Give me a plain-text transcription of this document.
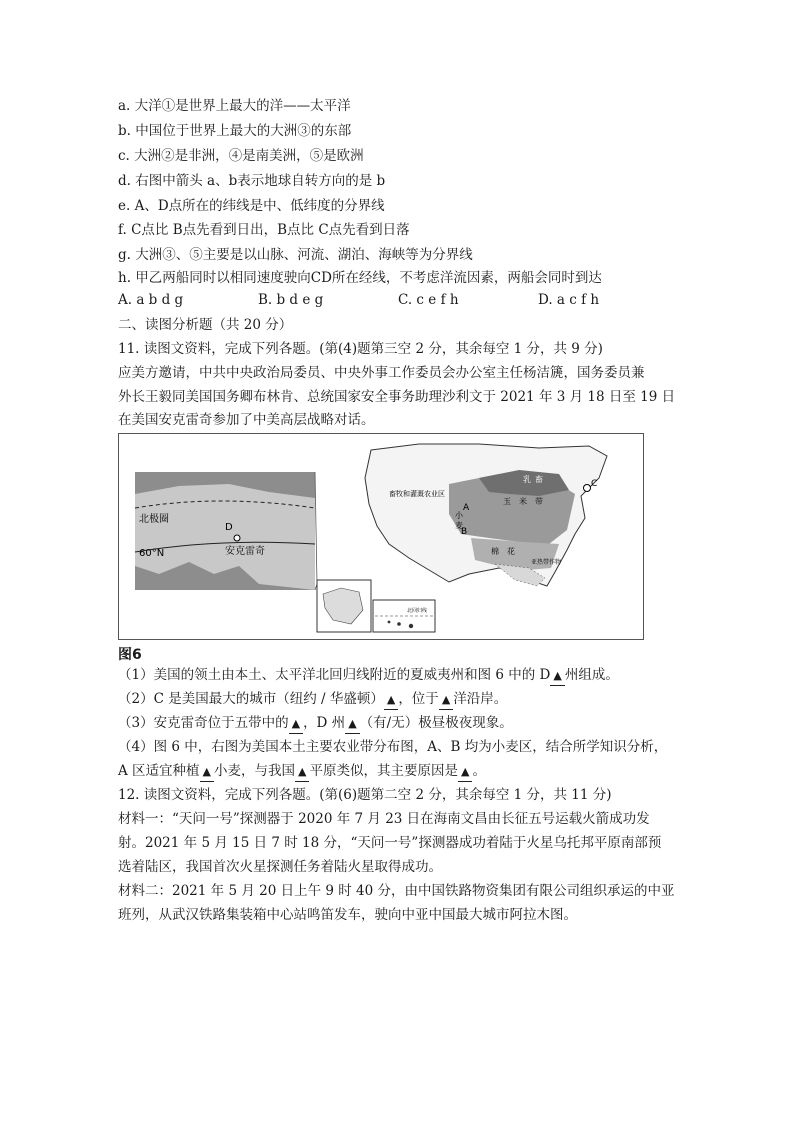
a. 大洋①是世界上最大的洋——太平洋
b. 中国位于世界上最大的大洲③的东部
c. 大洲②是非洲，④是南美洲，⑤是欧洲
d. 右图中箭头 a、b表示地球自转方向的是 b
e. A、D点所在的纬线是中、低纬度的分界线
f. C点比 B点先看到日出，B点比 C点先看到日落
g. 大洲③、⑤主要是以山脉、河流、湖泊、海峡等为分界线
h. 甲乙两船同时以相同速度驶向CD所在经线，不考虑洋流因素，两船会同时到达
A. a b d g	B. b d e g	C. c e f h	D. a c f h
二、读图分析题（共 20 分）
11. 读图文资料，完成下列各题。(第(4)题第三空 2 分，其余每空 1 分，共 9 分)
应美方邀请，中共中央政治局委员、中央外事工作委员会办公室主任杨洁篪，国务委员兼
外长王毅同美国国务卿布林肯、总统国家安全事务助理沙利文于 2021 年 3 月 18 日至 19 日
在美国安克雷奇参加了中美高层战略对话。
北极圈
D
安克雷奇
60°N
畜牧和灌溉农业区
C
A
B
小
麦
玉 米 带
乳 畜
棉 花
亚热带作物
北回归线
图6
（1）美国的领土由本土、太平洋北回归线附近的夏威夷州和图 6 中的 D ▲ 州组成。
（2）C 是美国最大的城市（纽约 / 华盛顿） ▲ ，位于 ▲ 洋沿岸。
（3）安克雷奇位于五带中的 ▲ ，D 州 ▲ （有/无）极昼极夜现象。
（4）图 6 中，右图为美国本土主要农业带分布图，A、B 均为小麦区，结合所学知识分析，
A 区适宜种植 ▲ 小麦，与我国 ▲ 平原类似，其主要原因是 ▲ 。
12. 读图文资料，完成下列各题。(第(6)题第二空 2 分，其余每空 1 分，共 11 分)
材料一：“天问一号”探测器于 2020 年 7 月 23 日在海南文昌由长征五号运载火箭成功发
射。2021 年 5 月 15 日 7 时 18 分，“天问一号”探测器成功着陆于火星乌托邦平原南部预
选着陆区，我国首次火星探测任务着陆火星取得成功。
材料二：2021 年 5 月 20 日上午 9 时 40 分，由中国铁路物资集团有限公司组织承运的中亚
班列，从武汉铁路集装箱中心站鸣笛发车，驶向中亚中国最大城市阿拉木图。
